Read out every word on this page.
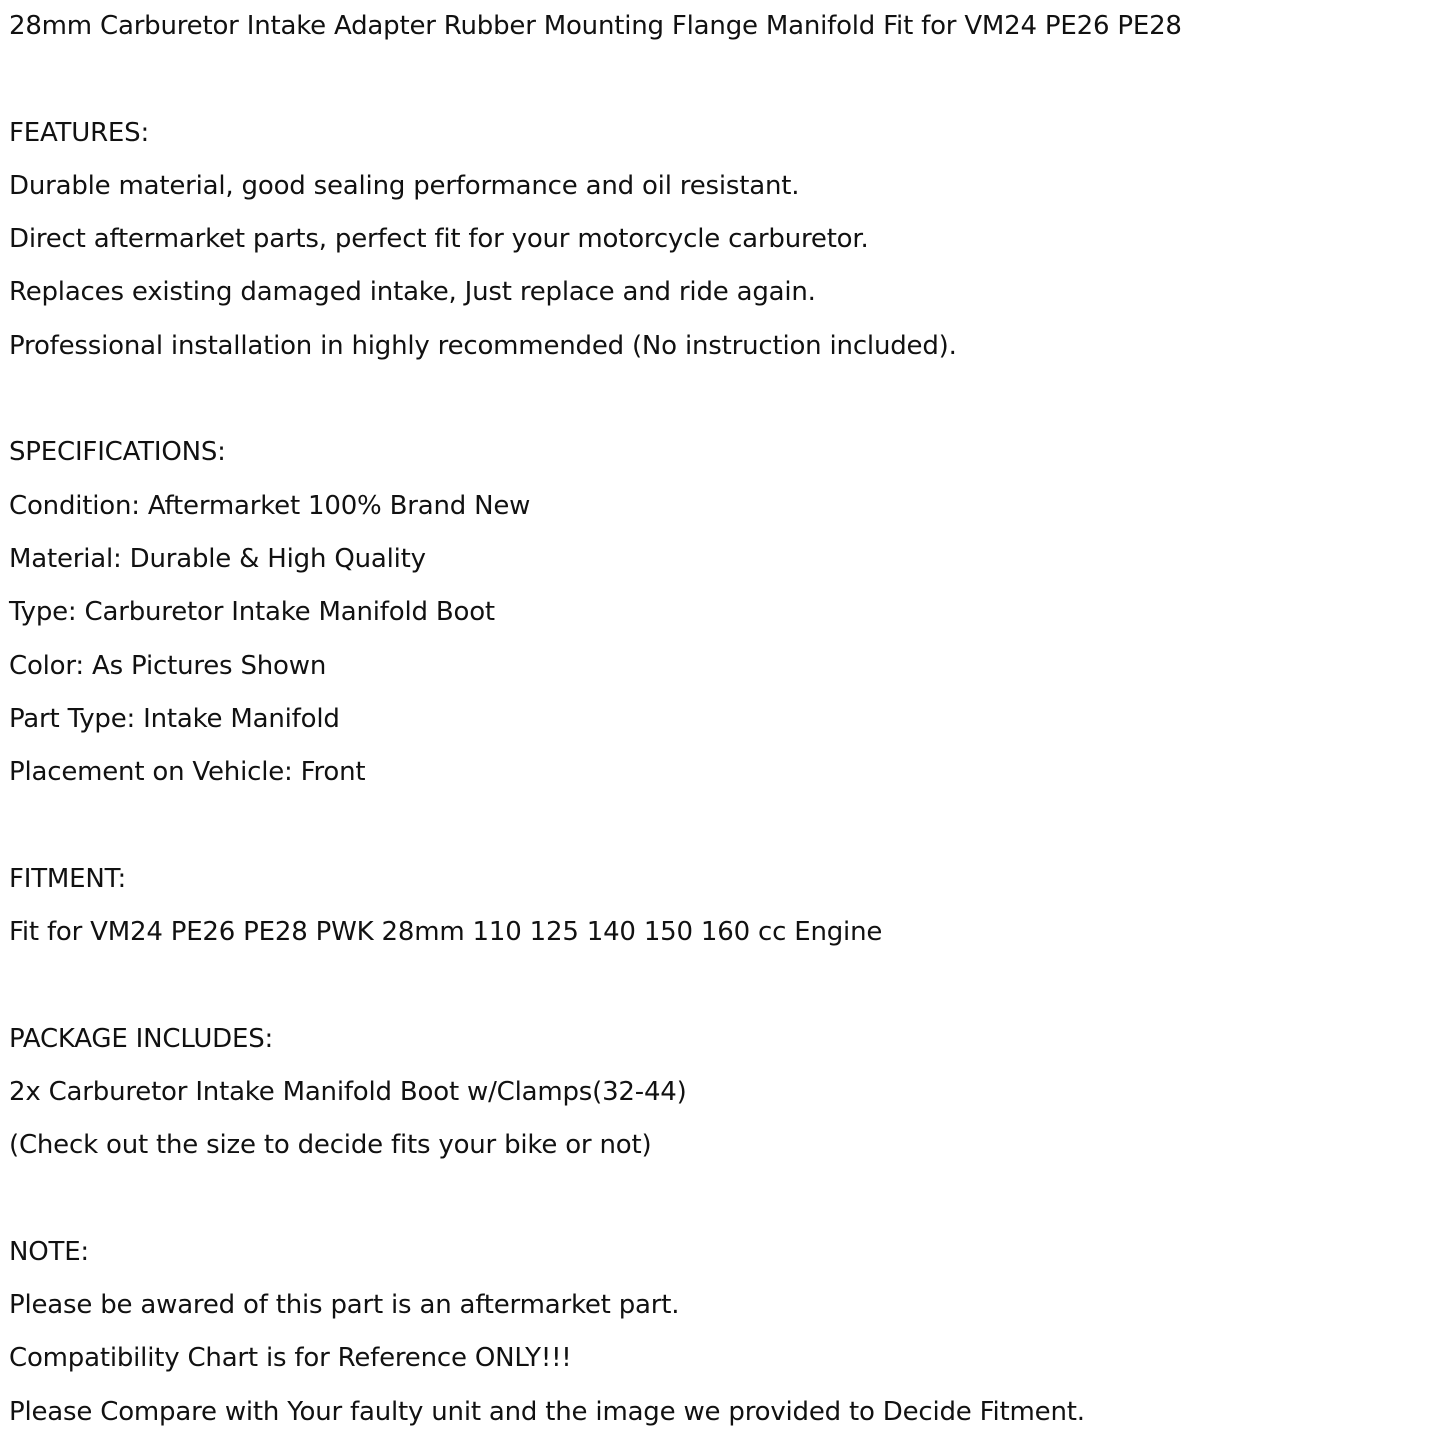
28mm Carburetor Intake Adapter Rubber Mounting Flange Manifold Fit for VM24 PE26 PE28
FEATURES:
Durable material, good sealing performance and oil resistant.
Direct aftermarket parts, perfect fit for your motorcycle carburetor.
Replaces existing damaged intake, Just replace and ride again.
Professional installation in highly recommended (No instruction included).
SPECIFICATIONS:
Condition: Aftermarket 100% Brand New
Material: Durable & High Quality
Type: Carburetor Intake Manifold Boot
Color: As Pictures Shown
Part Type: Intake Manifold
Placement on Vehicle: Front
FITMENT:
Fit for VM24 PE26 PE28 PWK 28mm 110 125 140 150 160 cc Engine
PACKAGE INCLUDES:
2x Carburetor Intake Manifold Boot w/Clamps(32-44)
(Check out the size to decide fits your bike or not)
NOTE:
Please be awared of this part is an aftermarket part.
Compatibility Chart is for Reference ONLY!!!
Please Compare with Your faulty unit and the image we provided to Decide Fitment.
